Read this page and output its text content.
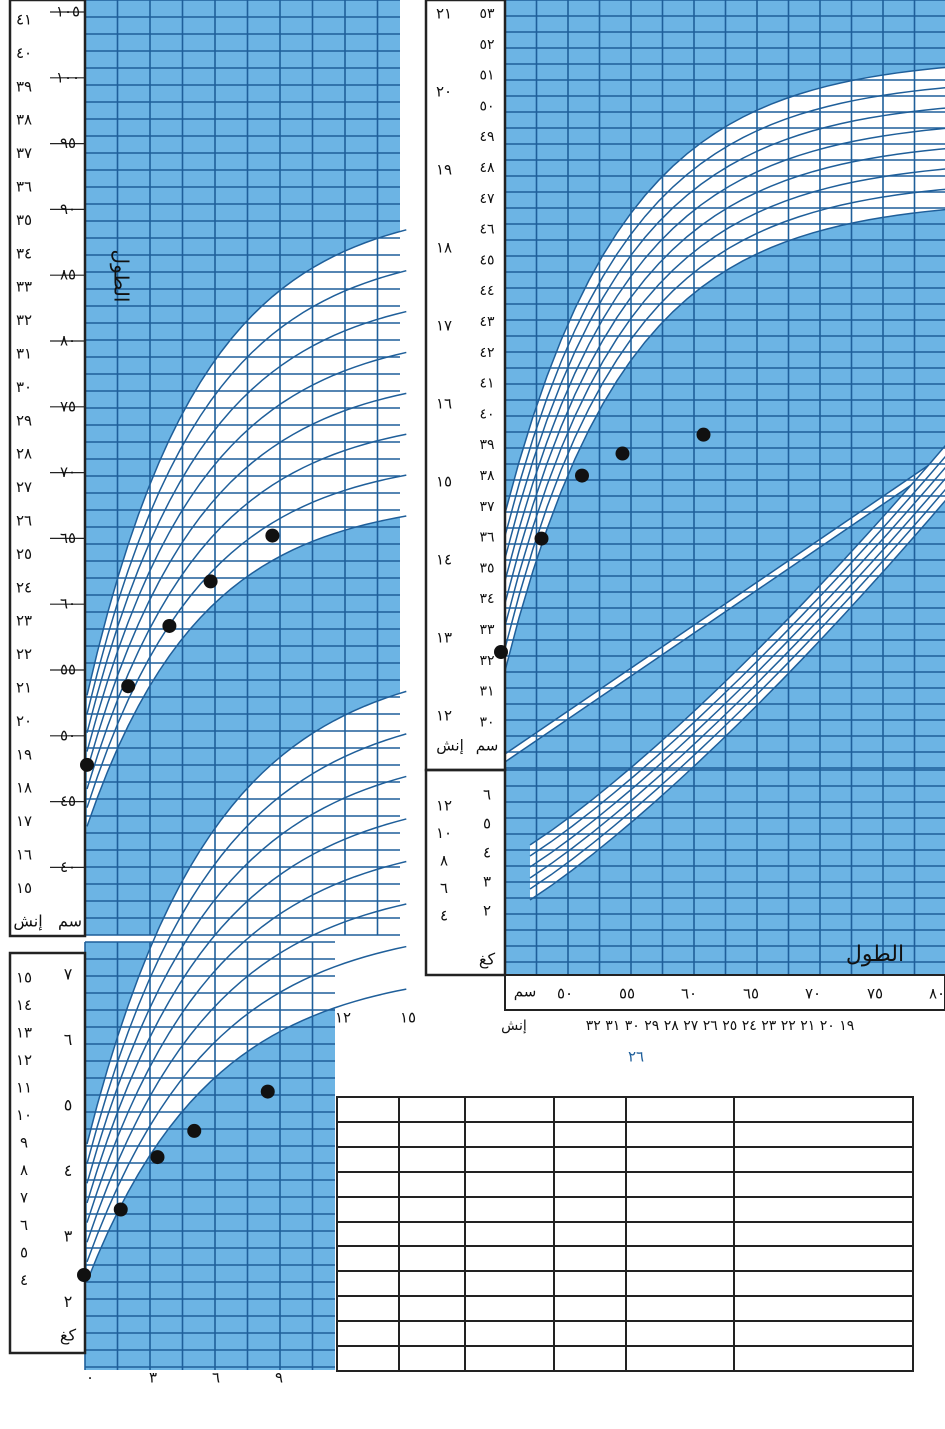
١٠٥
١٠٠
٩٥
٩٠
٨٥
٨٠
٧٥
٧٠
٦٥
٦٠
٥٥
٥٠
٤٥
٤٠
٤١
٤٠
٣٩
٣٨
٣٧
٣٦
٣٥
٣٤
٣٣
٣٢
٣١
٣٠
٢٩
٢٨
٢٧
٢٦
٢٥
٢٤
٢٣
٢٢
٢١
٢٠
١٩
١٨
١٧
١٦
١٥
سم
إنش
الطول
٧
٦
٥
٤
٣
٢
١٥
١٤
١٣
١٢
١١
١٠
٩
٨
٧
٦
٥
٤
كغ
٠	٣	٦	٩
١٢	١٥
٥٣
٥٢
٥١
٥٠
٤٩
٤٨
٤٧
٤٦
٤٥
٤٤
٤٣
٤٢
٤١
٤٠
٣٩
٣٨
٣٧
٣٦
٣٥
٣٤
٣٣
٣٢
٣١
٣٠
٢١
٢٠
١٩
١٨
١٧
١٦
١٥
١٤
١٣
١٢
سم
إنش
٦
٥
٤
٣
٢
١٢
١٠
٨
٦
٤
كغ	الطول
سم ٥٠	٥٥	٦٠	٦٥	٧٠	٧٥	٨٠
إنش	١٩ ٢٠ ٢١ ٢٢ ٢٣ ٢٤ ٢٥ ٢٦ ٢٧ ٢٨ ٢٩ ٣٠ ٣١ ٣٢
٢٦
